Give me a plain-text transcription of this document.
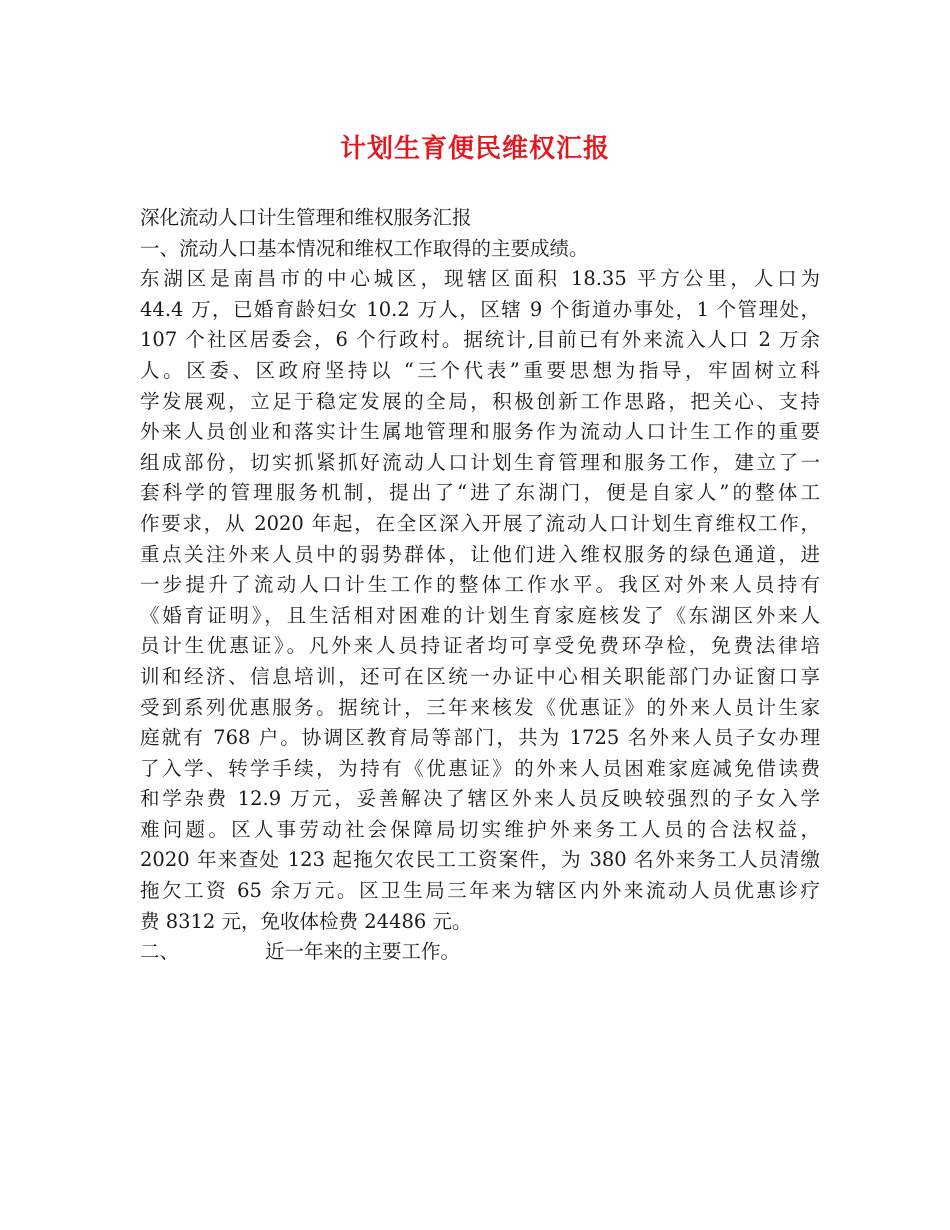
计划生育便民维权汇报
深化流动人口计生管理和维权服务汇报
一、流动人口基本情况和维权工作取得的主要成绩。
东湖区是南昌市的中心城区，现辖区面积 18.35 平方公里，人口为
44.4 万，已婚育龄妇女 10.2 万人，区辖 9 个街道办事处，1 个管理处，
107 个社区居委会，6 个行政村。据统计,目前已有外来流入人口 2 万余
人。区委、区政府坚持以 “三个代表”重要思想为指导，牢固树立科
学发展观，立足于稳定发展的全局，积极创新工作思路，把关心、支持
外来人员创业和落实计生属地管理和服务作为流动人口计生工作的重要
组成部份，切实抓紧抓好流动人口计划生育管理和服务工作，建立了一
套科学的管理服务机制，提出了“进了东湖门，便是自家人”的整体工
作要求，从 2020 年起，在全区深入开展了流动人口计划生育维权工作，
重点关注外来人员中的弱势群体，让他们进入维权服务的绿色通道，进
一步提升了流动人口计生工作的整体工作水平。我区对外来人员持有
《婚育证明》，且生活相对困难的计划生育家庭核发了《东湖区外来人
员计生优惠证》。凡外来人员持证者均可享受免费环孕检，免费法律培
训和经济、信息培训，还可在区统一办证中心相关职能部门办证窗口享
受到系列优惠服务。据统计，三年来核发《优惠证》的外来人员计生家
庭就有 768 户。协调区教育局等部门，共为 1725 名外来人员子女办理
了入学、转学手续，为持有《优惠证》的外来人员困难家庭减免借读费
和学杂费 12.9 万元，妥善解决了辖区外来人员反映较强烈的子女入学
难问题。区人事劳动社会保障局切实维护外来务工人员的合法权益，
2020 年来查处 123 起拖欠农民工工资案件，为 380 名外来务工人员清缴
拖欠工资 65 余万元。区卫生局三年来为辖区内外来流动人员优惠诊疗
费 8312 元，免收体检费 24486 元。
二、	近一年来的主要工作。
